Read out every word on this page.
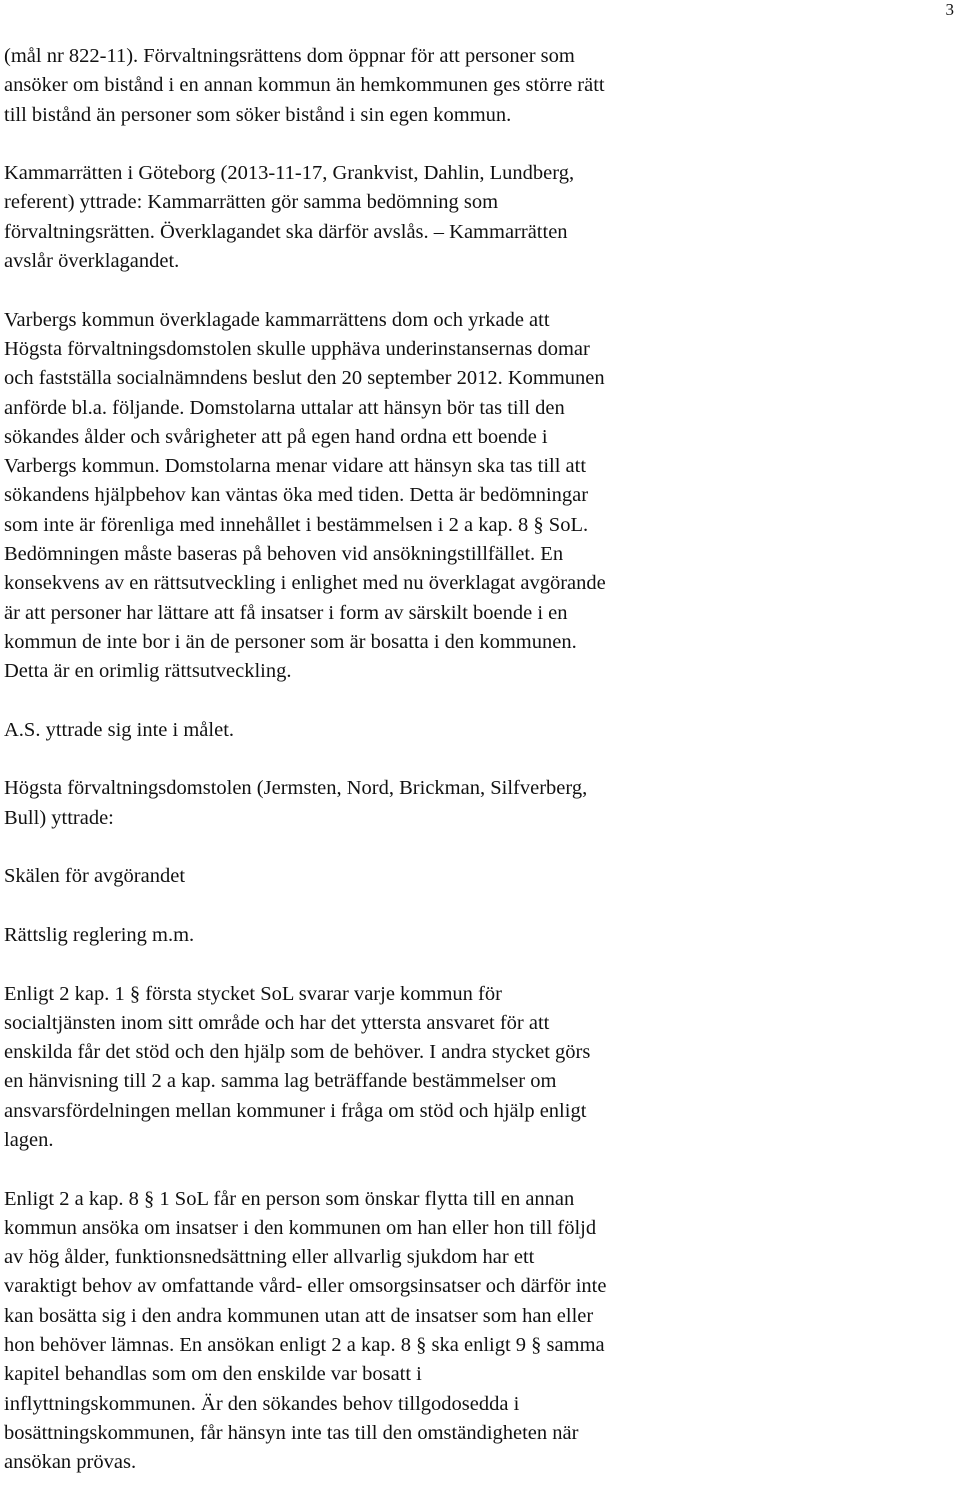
3
(mål nr 822-11). Förvaltningsrättens dom öppnar för att personer som
ansöker om bistånd i en annan kommun än hemkommunen ges större rätt
till bistånd än personer som söker bistånd i sin egen kommun.
Kammarrätten i Göteborg (2013-11-17, Grankvist, Dahlin, Lundberg,
referent) yttrade: Kammarrätten gör samma bedömning som
förvaltningsrätten. Överklagandet ska därför avslås. – Kammarrätten
avslår överklagandet.
Varbergs kommun överklagade kammarrättens dom och yrkade att
Högsta förvaltningsdomstolen skulle upphäva underinstansernas domar
och fastställa socialnämndens beslut den 20 september 2012. Kommunen
anförde bl.a. följande. Domstolarna uttalar att hänsyn bör tas till den
sökandes ålder och svårigheter att på egen hand ordna ett boende i
Varbergs kommun. Domstolarna menar vidare att hänsyn ska tas till att
sökandens hjälpbehov kan väntas öka med tiden. Detta är bedömningar
som inte är förenliga med innehållet i bestämmelsen i 2 a kap. 8 § SoL.
Bedömningen måste baseras på behoven vid ansökningstillfället. En
konsekvens av en rättsutveckling i enlighet med nu överklagat avgörande
är att personer har lättare att få insatser i form av särskilt boende i en
kommun de inte bor i än de personer som är bosatta i den kommunen.
Detta är en orimlig rättsutveckling.
A.S. yttrade sig inte i målet.
Högsta förvaltningsdomstolen (Jermsten, Nord, Brickman, Silfverberg,
Bull) yttrade:
Skälen för avgörandet
Rättslig reglering m.m.
Enligt 2 kap. 1 § första stycket SoL svarar varje kommun för
socialtjänsten inom sitt område och har det yttersta ansvaret för att
enskilda får det stöd och den hjälp som de behöver. I andra stycket görs
en hänvisning till 2 a kap. samma lag beträffande bestämmelser om
ansvarsfördelningen mellan kommuner i fråga om stöd och hjälp enligt
lagen.
Enligt 2 a kap. 8 § 1 SoL får en person som önskar flytta till en annan
kommun ansöka om insatser i den kommunen om han eller hon till följd
av hög ålder, funktionsnedsättning eller allvarlig sjukdom har ett
varaktigt behov av omfattande vård- eller omsorgsinsatser och därför inte
kan bosätta sig i den andra kommunen utan att de insatser som han eller
hon behöver lämnas. En ansökan enligt 2 a kap. 8 § ska enligt 9 § samma
kapitel behandlas som om den enskilde var bosatt i
inflyttningskommunen. Är den sökandes behov tillgodosedda i
bosättningskommunen, får hänsyn inte tas till den omständigheten när
ansökan prövas.
